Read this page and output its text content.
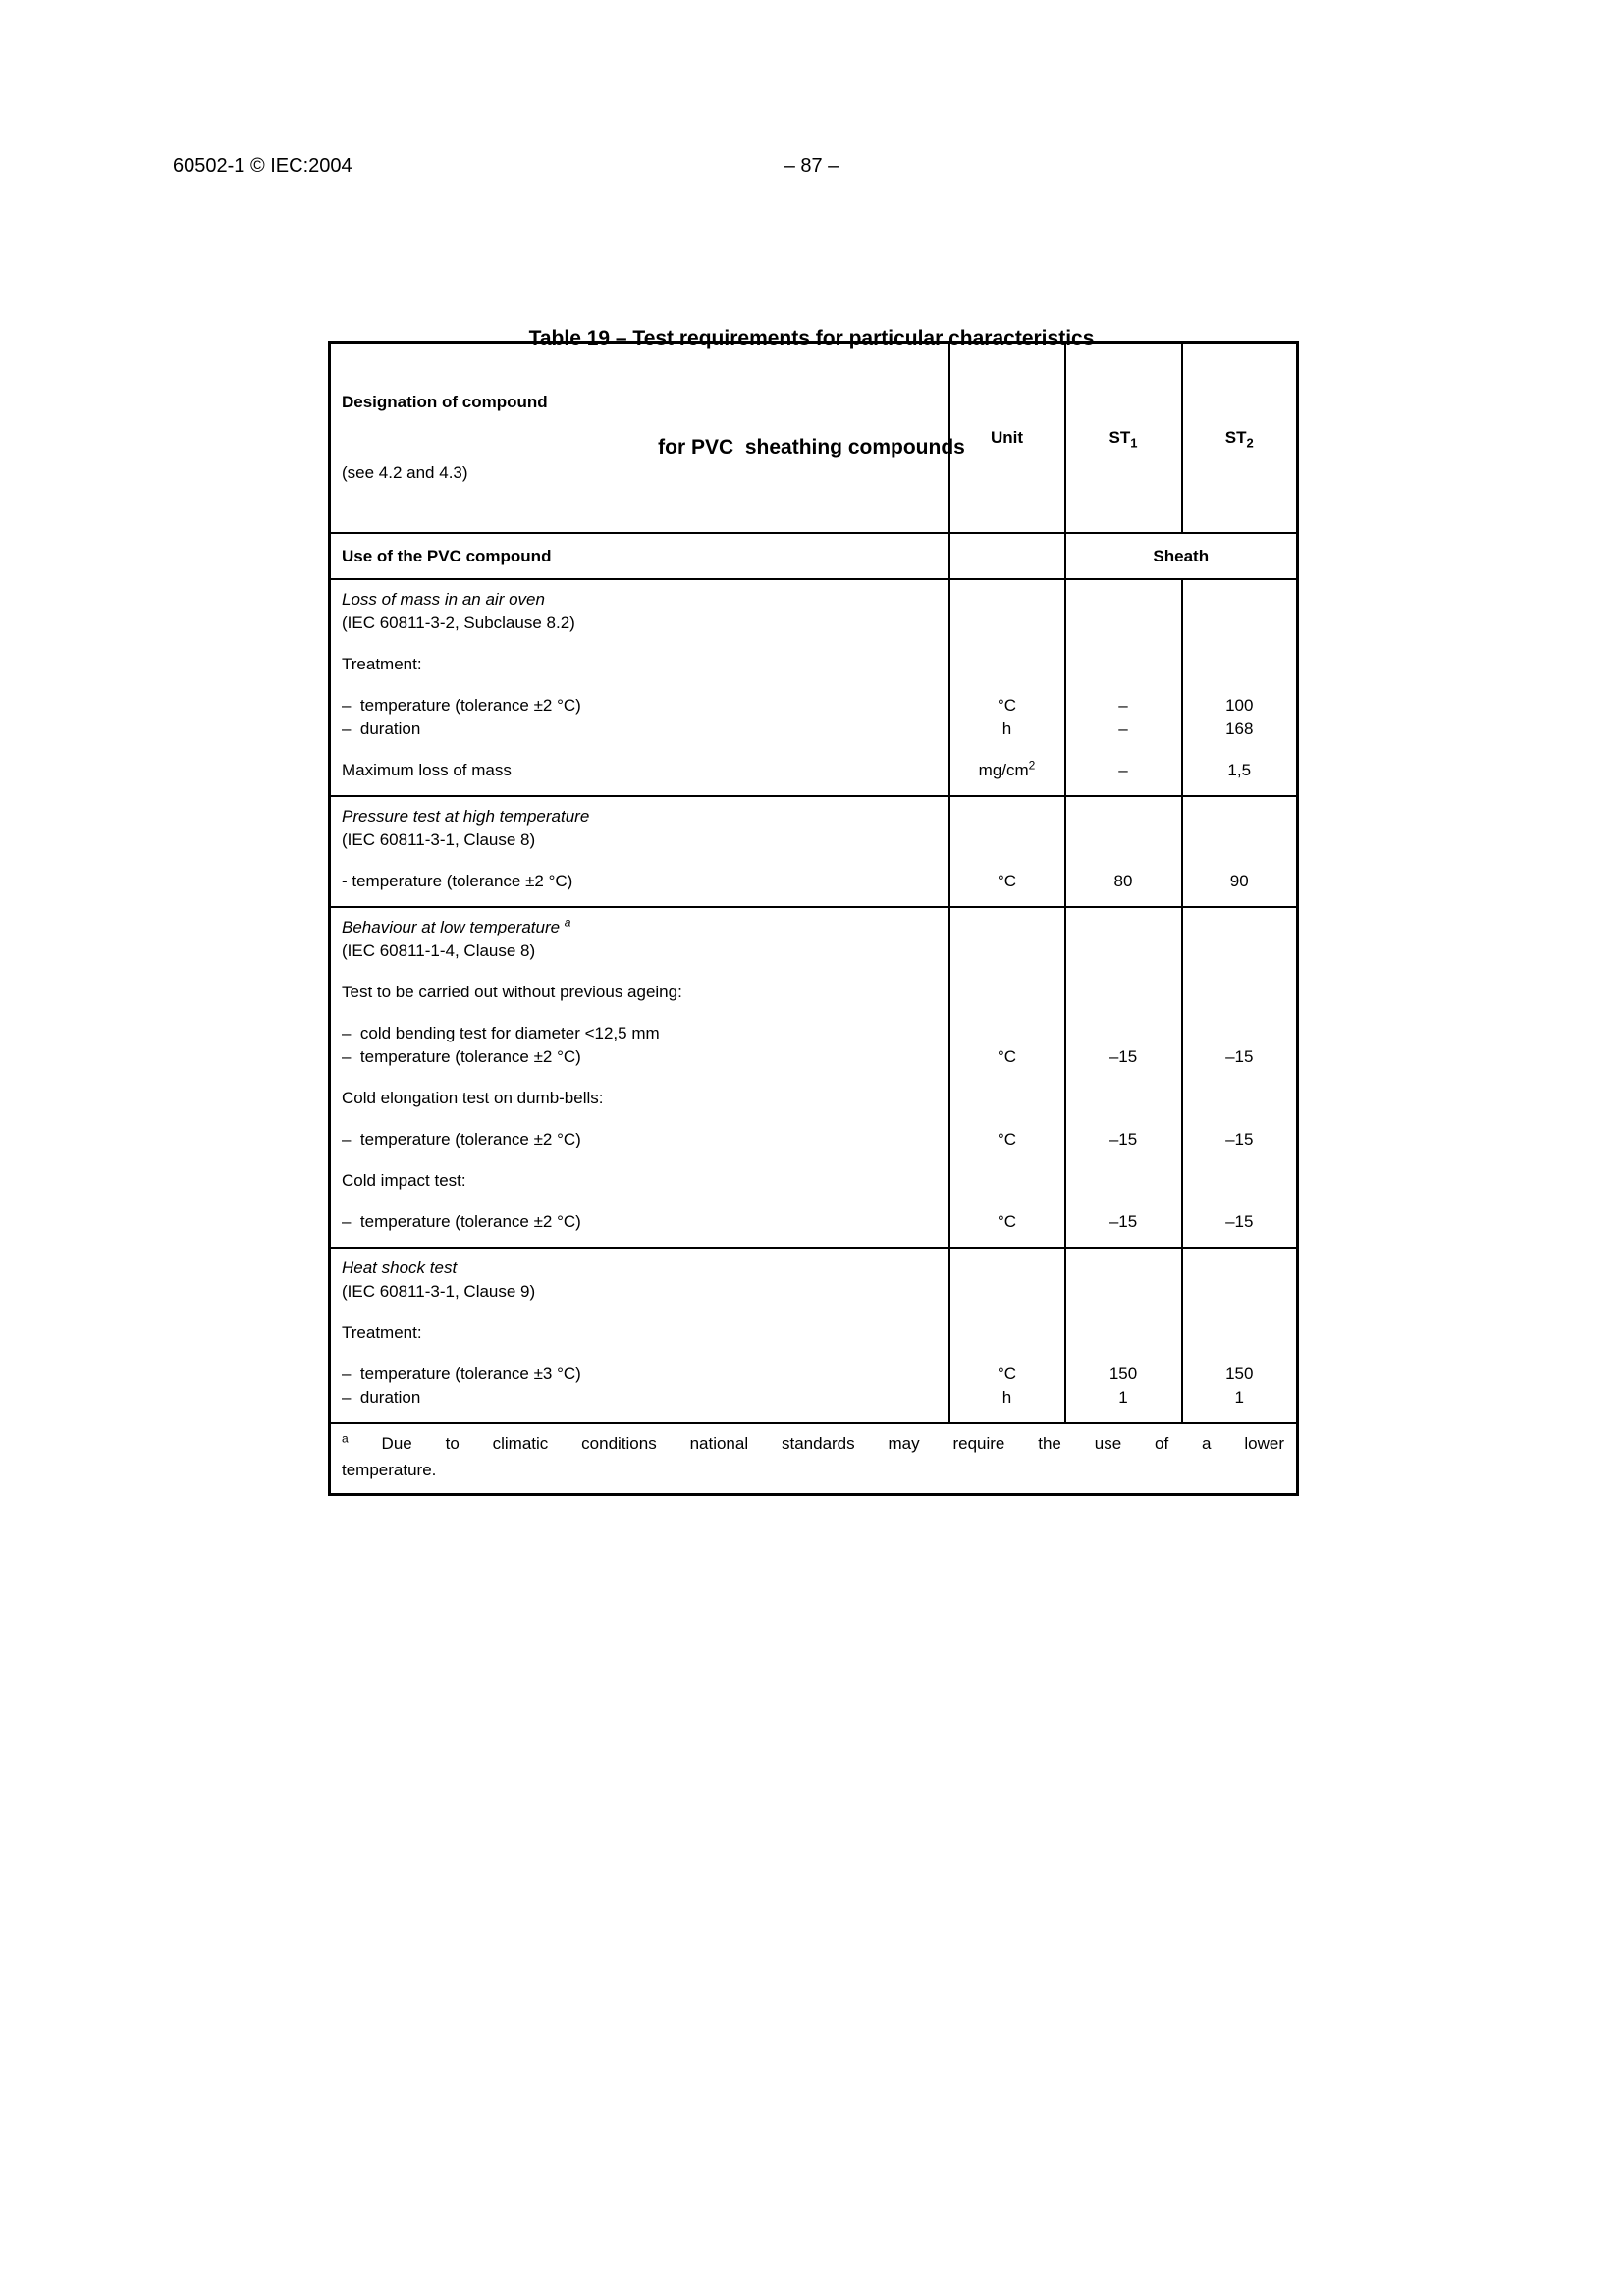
60502-1 © IEC:2004	– 87 –

Table 19 – Test requirements for particular characteristics

for PVC  sheathing compounds

Designation of compound

(see 4.2 and 4.3)	Unit	$ST_1$	$ST_2$
Use of the PVC compound		Sheath	
Loss of mass in an air oven			
(IEC 60811-3-2, Subclause 8.2)			
Treatment:			
–  temperature (tolerance ±2 °C)	°C	–	100
–  duration	h	–	168
Maximum loss of mass	$mg/cm^2$	–	1,5
Pressure test at high temperature			
(IEC 60811-3-1, Clause 8)			
- temperature (tolerance ±2 °C)	°C	80	90
Behaviour at low temperature $^a$			
(IEC 60811-1-4, Clause 8)			
Test to be carried out without previous ageing:			
–  cold bending test for diameter <12,5 mm			
–  temperature (tolerance ±2 °C)	°C	–15	–15
Cold elongation test on dumb-bells:			
–  temperature (tolerance ±2 °C)	°C	–15	–15
Cold impact test:			
–  temperature (tolerance ±2 °C)	°C	–15	–15
Heat shock test			
(IEC 60811-3-1, Clause 9)			
Treatment:			
–  temperature (tolerance ±3 °C)	°C	150	150
–  duration	h	1	1

$^a$ Due to climatic conditions national standards may require the use of a lower
temperature.			
